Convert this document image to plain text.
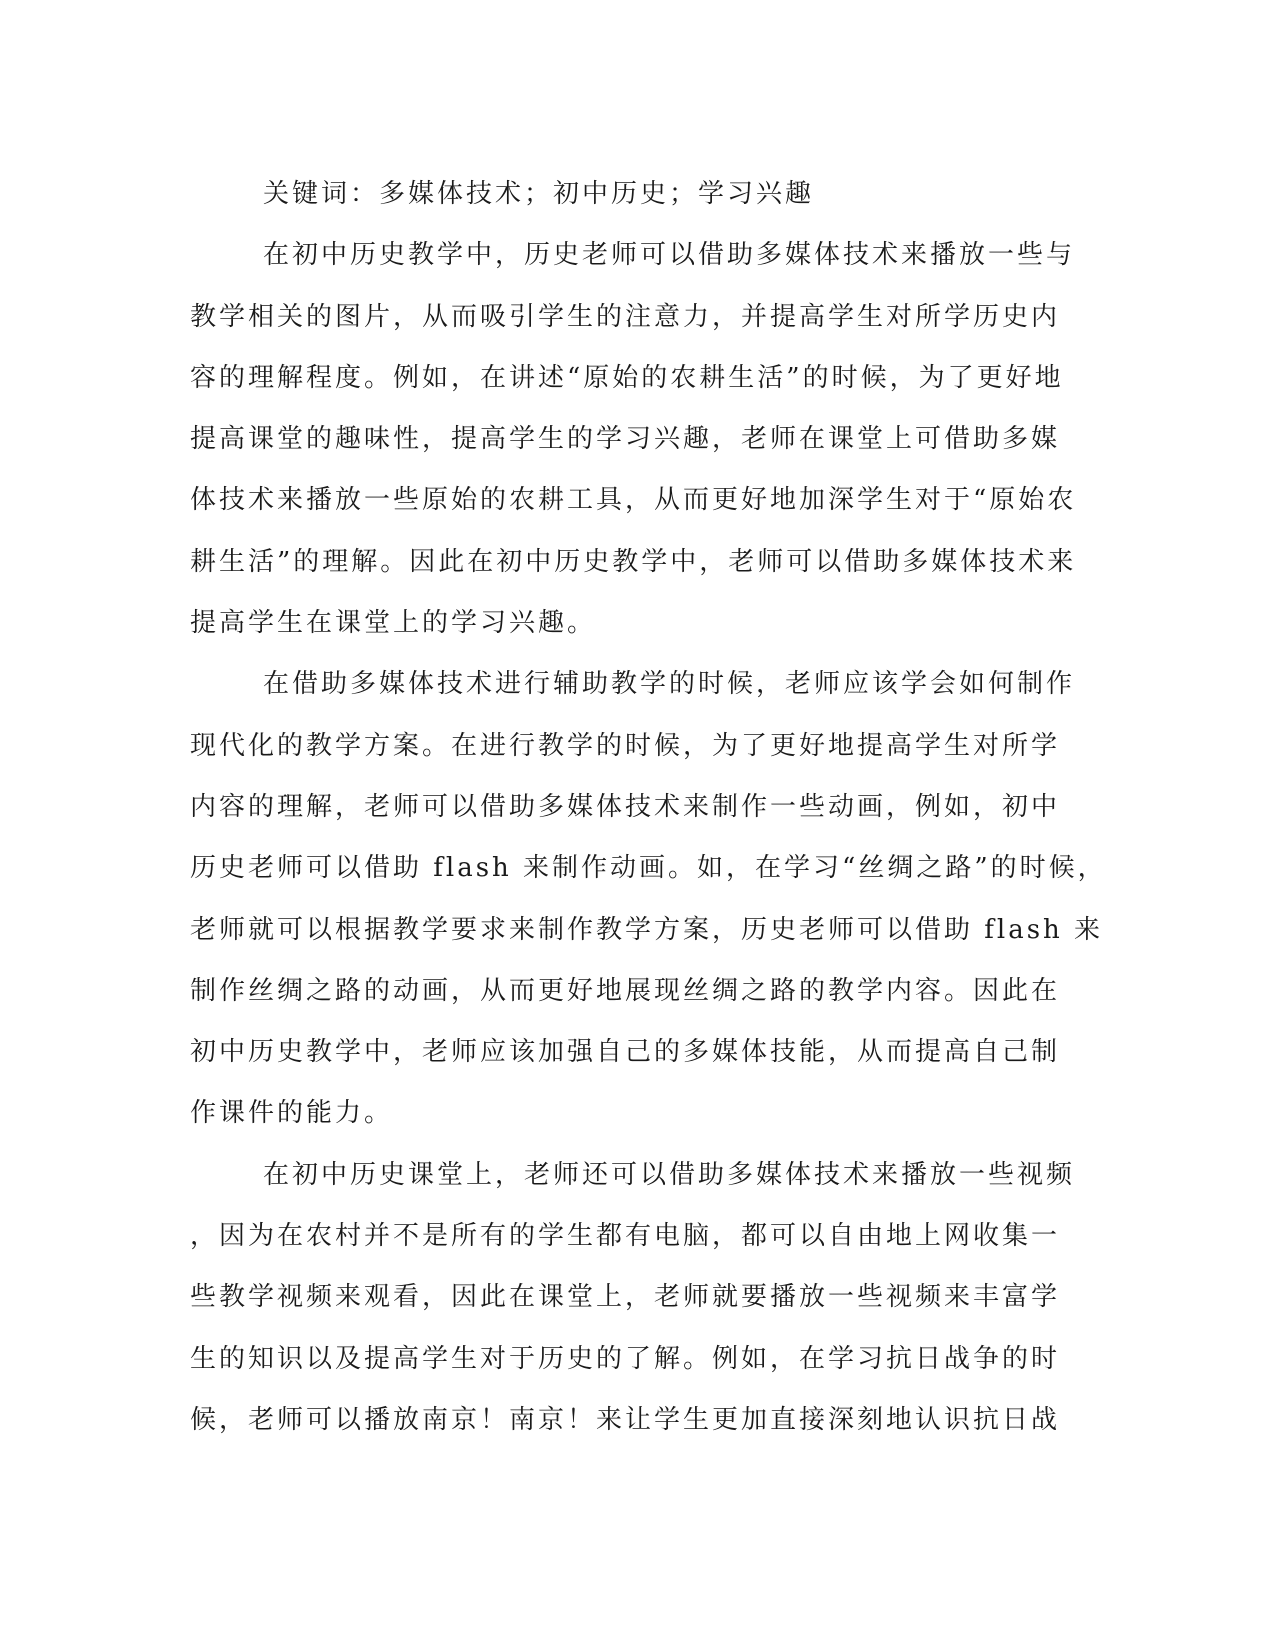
关键词：多媒体技术；初中历史；学习兴趣
在初中历史教学中，历史老师可以借助多媒体技术来播放一些与
教学相关的图片，从而吸引学生的注意力，并提高学生对所学历史内
容的理解程度。例如，在讲述“原始的农耕生活”的时候，为了更好地
提高课堂的趣味性，提高学生的学习兴趣，老师在课堂上可借助多媒
体技术来播放一些原始的农耕工具，从而更好地加深学生对于“原始农
耕生活”的理解。因此在初中历史教学中，老师可以借助多媒体技术来
提高学生在课堂上的学习兴趣。
在借助多媒体技术进行辅助教学的时候，老师应该学会如何制作
现代化的教学方案。在进行教学的时候，为了更好地提高学生对所学
内容的理解，老师可以借助多媒体技术来制作一些动画，例如，初中
历史老师可以借助 flash 来制作动画。如，在学习“丝绸之路”的时候，
老师就可以根据教学要求来制作教学方案，历史老师可以借助 flash 来
制作丝绸之路的动画，从而更好地展现丝绸之路的教学内容。因此在
初中历史教学中，老师应该加强自己的多媒体技能，从而提高自己制
作课件的能力。
在初中历史课堂上，老师还可以借助多媒体技术来播放一些视频
，因为在农村并不是所有的学生都有电脑，都可以自由地上网收集一
些教学视频来观看，因此在课堂上，老师就要播放一些视频来丰富学
生的知识以及提高学生对于历史的了解。例如，在学习抗日战争的时
候，老师可以播放南京！南京！来让学生更加直接深刻地认识抗日战
